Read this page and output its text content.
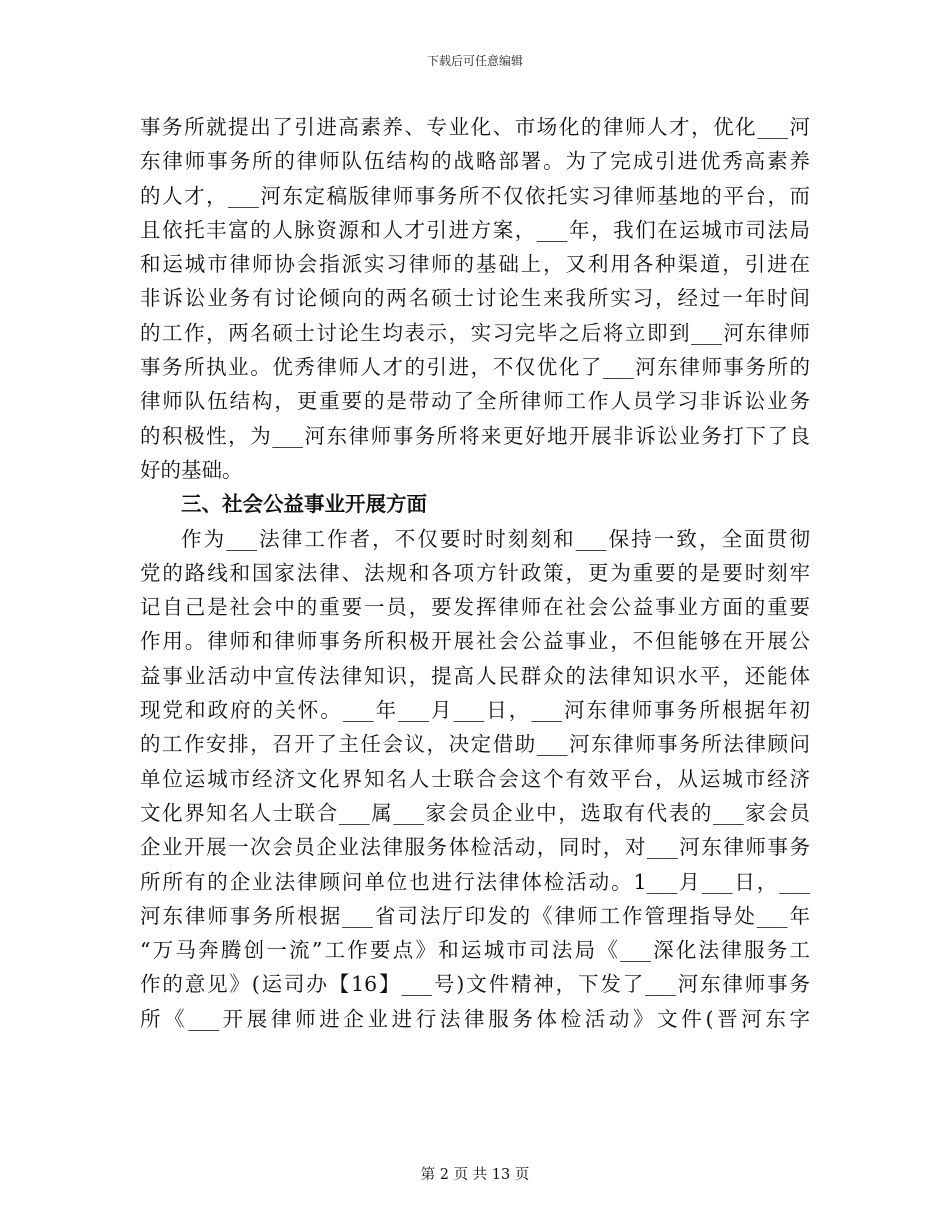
下载后可任意编辑
事务所就提出了引进高素养、专业化、市场化的律师人才，优化___河
东律师事务所的律师队伍结构的战略部署。为了完成引进优秀高素养
的人才，___河东定稿版律师事务所不仅依托实习律师基地的平台，而
且依托丰富的人脉资源和人才引进方案，___年，我们在运城市司法局
和运城市律师协会指派实习律师的基础上，又利用各种渠道，引进在
非诉讼业务有讨论倾向的两名硕士讨论生来我所实习，经过一年时间
的工作，两名硕士讨论生均表示，实习完毕之后将立即到___河东律师
事务所执业。优秀律师人才的引进，不仅优化了___河东律师事务所的
律师队伍结构，更重要的是带动了全所律师工作人员学习非诉讼业务
的积极性，为___河东律师事务所将来更好地开展非诉讼业务打下了良
好的基础。
三、社会公益事业开展方面
作为___法律工作者，不仅要时时刻刻和___保持一致，全面贯彻
党的路线和国家法律、法规和各项方针政策，更为重要的是要时刻牢
记自己是社会中的重要一员，要发挥律师在社会公益事业方面的重要
作用。律师和律师事务所积极开展社会公益事业，不但能够在开展公
益事业活动中宣传法律知识，提高人民群众的法律知识水平，还能体
现党和政府的关怀。___年___月___日，___河东律师事务所根据年初
的工作安排，召开了主任会议，决定借助___河东律师事务所法律顾问
单位运城市经济文化界知名人士联合会这个有效平台，从运城市经济
文化界知名人士联合___属___家会员企业中，选取有代表的___家会员
企业开展一次会员企业法律服务体检活动，同时，对___河东律师事务
所所有的企业法律顾问单位也进行法律体检活动。1___月___日，___
河东律师事务所根据___省司法厅印发的《律师工作管理指导处___年
“万马奔腾创一流”工作要点》和运城市司法局《___深化法律服务工
作的意见》(运司办【16】___号)文件精神，下发了___河东律师事务
所《___开展律师进企业进行法律服务体检活动》文件(晋河东字
第 2 页 共 13 页
